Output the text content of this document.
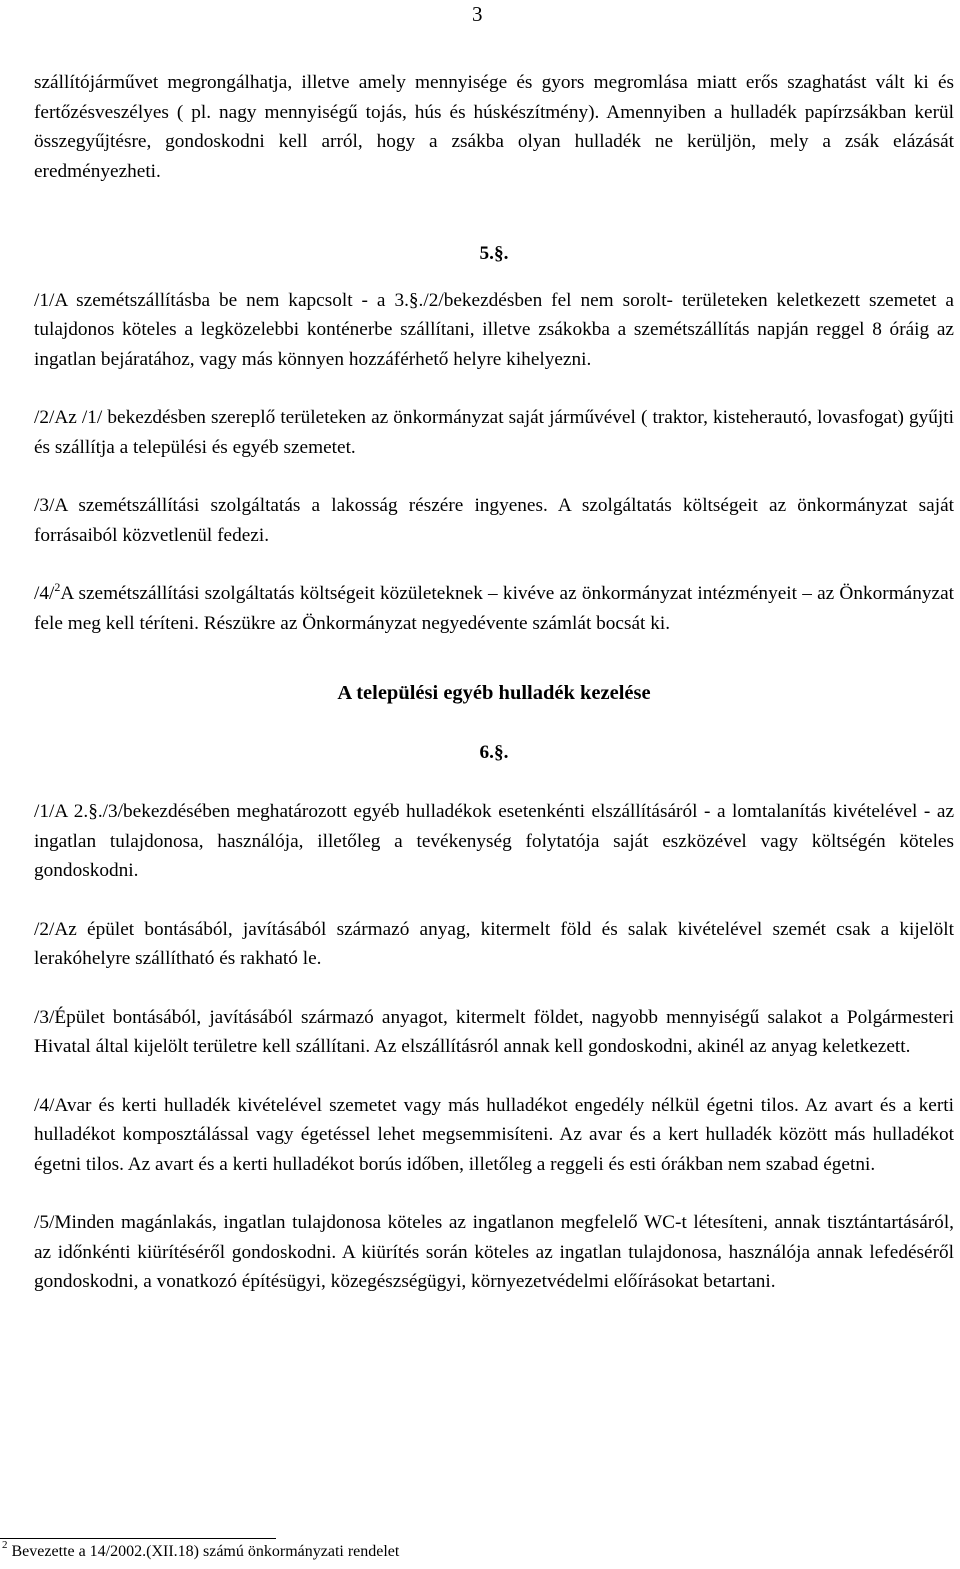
3

szállítójárművet megrongálhatja, illetve amely mennyisége és gyors megromlása miatt erős szaghatást vált ki és fertőzésveszélyes ( pl. nagy mennyiségű tojás, hús és húskészítmény). Amennyiben a hulladék papírzsákban kerül összegyűjtésre, gondoskodni kell arról, hogy a zsákba olyan hulladék ne kerüljön, mely a zsák elázását eredményezheti.

5.§.

/1/A szemétszállításba be nem kapcsolt - a 3.§./2/bekezdésben fel nem sorolt- területeken keletkezett szemetet a tulajdonos köteles a legközelebbi konténerbe szállítani, illetve zsákokba a szemétszállítás napján reggel 8 óráig az ingatlan bejáratához, vagy más könnyen hozzáférhető helyre kihelyezni.

/2/Az /1/ bekezdésben szereplő területeken az önkormányzat saját járművével ( traktor, kisteherautó, lovasfogat) gyűjti és szállítja a települési és egyéb szemetet.

/3/A szemétszállítási szolgáltatás a lakosság részére ingyenes. A szolgáltatás költségeit az önkormányzat saját forrásaiból közvetlenül fedezi.

/4/$^2$A szemétszállítási szolgáltatás költségeit közületeknek – kivéve az önkormányzat intézményeit – az Önkormányzat fele meg kell téríteni. Részükre az Önkormányzat negyedévente számlát bocsát ki.

A települési egyéb hulladék kezelése

6.§.

/1/A 2.§./3/bekezdésében meghatározott egyéb hulladékok esetenkénti elszállításáról - a lomtalanítás kivételével - az ingatlan tulajdonosa, használója, illetőleg a tevékenység folytatója saját eszközével vagy költségén köteles gondoskodni.

/2/Az épület bontásából, javításából származó anyag, kitermelt föld és salak kivételével szemét csak a kijelölt lerakóhelyre szállítható és rakható le.

/3/Épület bontásából, javításából származó anyagot, kitermelt földet, nagyobb mennyiségű salakot a Polgármesteri Hivatal által kijelölt területre kell szállítani. Az elszállításról annak kell gondoskodni, akinél az anyag keletkezett.

/4/Avar és kerti hulladék kivételével szemetet vagy más hulladékot engedély nélkül égetni tilos. Az avart és a kerti hulladékot komposztálással vagy égetéssel lehet megsemmisíteni. Az avar és a kert hulladék között más hulladékot égetni tilos. Az avart és a kerti hulladékot borús időben, illetőleg a reggeli és esti órákban nem szabad égetni.

/5/Minden magánlakás, ingatlan tulajdonosa köteles az ingatlanon megfelelő WC-t létesíteni, annak tisztántartásáról, az időnkénti kiürítéséről gondoskodni. A kiürítés során köteles az ingatlan tulajdonosa, használója annak lefedéséről gondoskodni, a vonatkozó építésügyi, közegészségügyi, környezetvédelmi előírásokat betartani.

$^2$ Bevezette a 14/2002.(XII.18) számú önkormányzati rendelet
